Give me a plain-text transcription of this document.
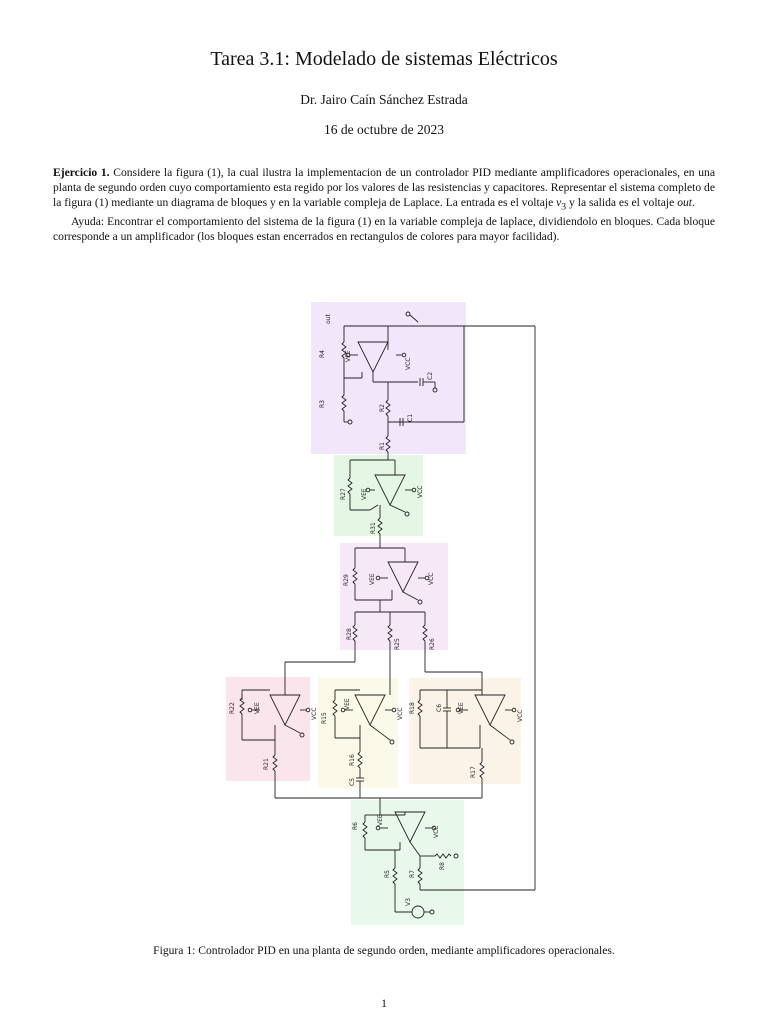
Tarea 3.1: Modelado de sistemas Eléctricos
Dr. Jairo Caín Sánchez Estrada
16 de octubre de 2023

Ejercicio 1. Considere la figura (1), la cual ilustra la implementacion de un controlador PID mediante amplificadores operacionales, en una planta de segundo orden cuyo comportamiento esta regido por los valores de las resistencias y capacitores. Representar el sistema completo de la figura (1) mediante un diagrama de bloques y en la variable compleja de Laplace. La entrada es el voltaje $v_3$ y la salida es el voltaje out.

Ayuda: Encontrar el comportamiento del sistema de la figura (1) en la variable compleja de laplace, dividiendolo en bloques. Cada bloque corresponde a un amplificador (los bloques estan encerrados en rectangulos de colores para mayor facilidad).

out
R4	VEE
VCC
C2
R3	R2
C1
R1
R27 VEE	VCC
R31
R29	VEE	VCC
R28
R25	R26
R22	VEE	VCC
R21
R15
VEE
VCC
R16
C5
R18	C6	VEE
VCC
R17
R6	VEE
VCC
R8
R5	R7
V3
Figura 1: Controlador PID en una planta de segundo orden, mediante amplificadores operacionales.
1
